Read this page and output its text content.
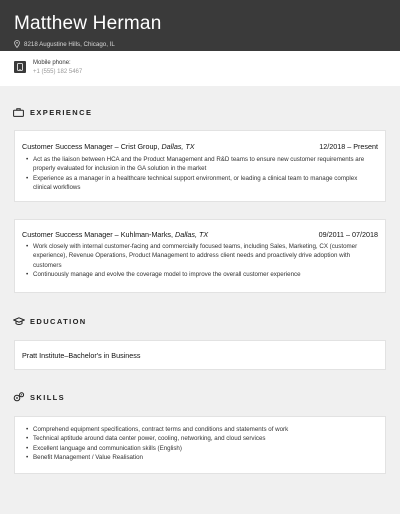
Matthew Herman
8218 Augustine Hills, Chicago, IL
Mobile phone:
+1 (555) 182 5467
EXPERIENCE
Customer Success Manager – Crist Group, Dallas, TX	12/2018 – Present
• Act as the liaison between HCA and the Product Management and R&D teams to ensure new customer requirements are properly evaluated for inclusion in the GA solution in the market
• Experience as a manager in a healthcare technical support environment, or leading a clinical team to manage complex clinical workflows
Customer Success Manager – Kuhlman-Marks, Dallas, TX	09/2011 – 07/2018
• Work closely with internal customer-facing and commercially focused teams, including Sales, Marketing, CX (customer experience), Revenue Operations, Product Management to address client needs and proactively drive adoption with customers
• Continuously manage and evolve the coverage model to improve the overall customer experience
EDUCATION
Pratt Institute – Bachelor's in Business
SKILLS
• Comprehend equipment specifications, contract terms and conditions and statements of work
• Technical aptitude around data center power, cooling, networking, and cloud services
• Excellent language and communication skills (English)
• Benefit Management / Value Realisation
